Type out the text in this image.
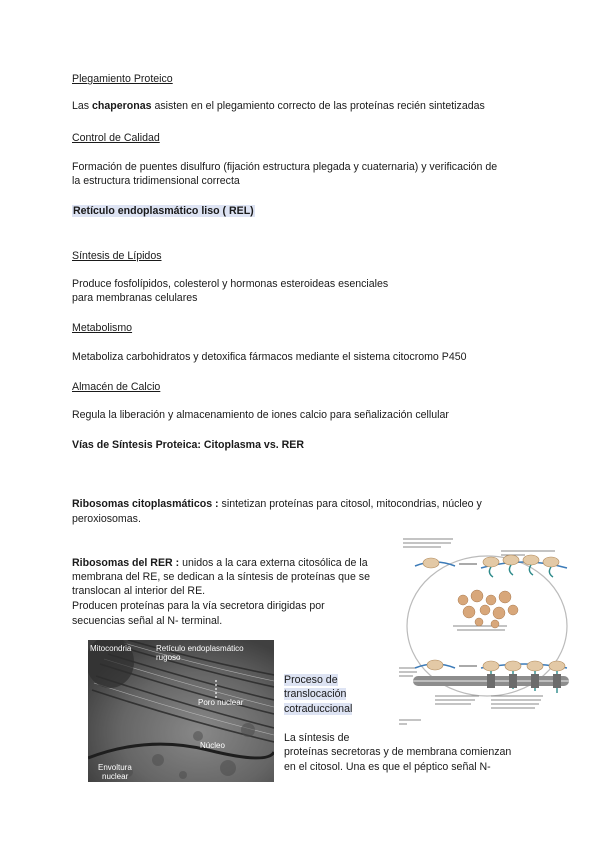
Plegamiento Proteico
Las chaperonas asisten en el plegamiento correcto de las proteínas recién sintetizadas
Control de Calidad
Formación de puentes disulfuro (fijación estructura plegada y cuaternaria) y verificación de
la estructura tridimensional correcta
Retículo endoplasmático liso ( REL)
Síntesis de Lípidos
Produce fosfolípidos, colesterol y hormonas esteroideas esenciales
para membranas celulares
Metabolismo
Metaboliza carbohidratos y detoxifica fármacos mediante el sistema citocromo P450
Almacén de Calcio
Regula la liberación y almacenamiento de iones calcio para señalización cellular
Vías de Síntesis Proteica: Citoplasma vs. RER
Ribosomas citoplasmáticos : sintetizan proteínas para citosol, mitocondrias, núcleo y
peroxiosomas.
Ribosomas del RER : unidos a la cara externa citosólica de la
membrana del RE, se dedican a la síntesis de proteínas que se
translocan al interior del RE.
Producen proteínas para la vía secretora dirigidas por
secuencias señal al N- terminal.
Mitocondria	Retículo endoplasmático
rugoso
Poro nuclear
Núcleo
Envoltura
nuclear
Proceso de
translocación
cotraduccional
La síntesis de
proteínas secretoras y de membrana comienzan
en el citosol. Una es que el péptico señal N-
